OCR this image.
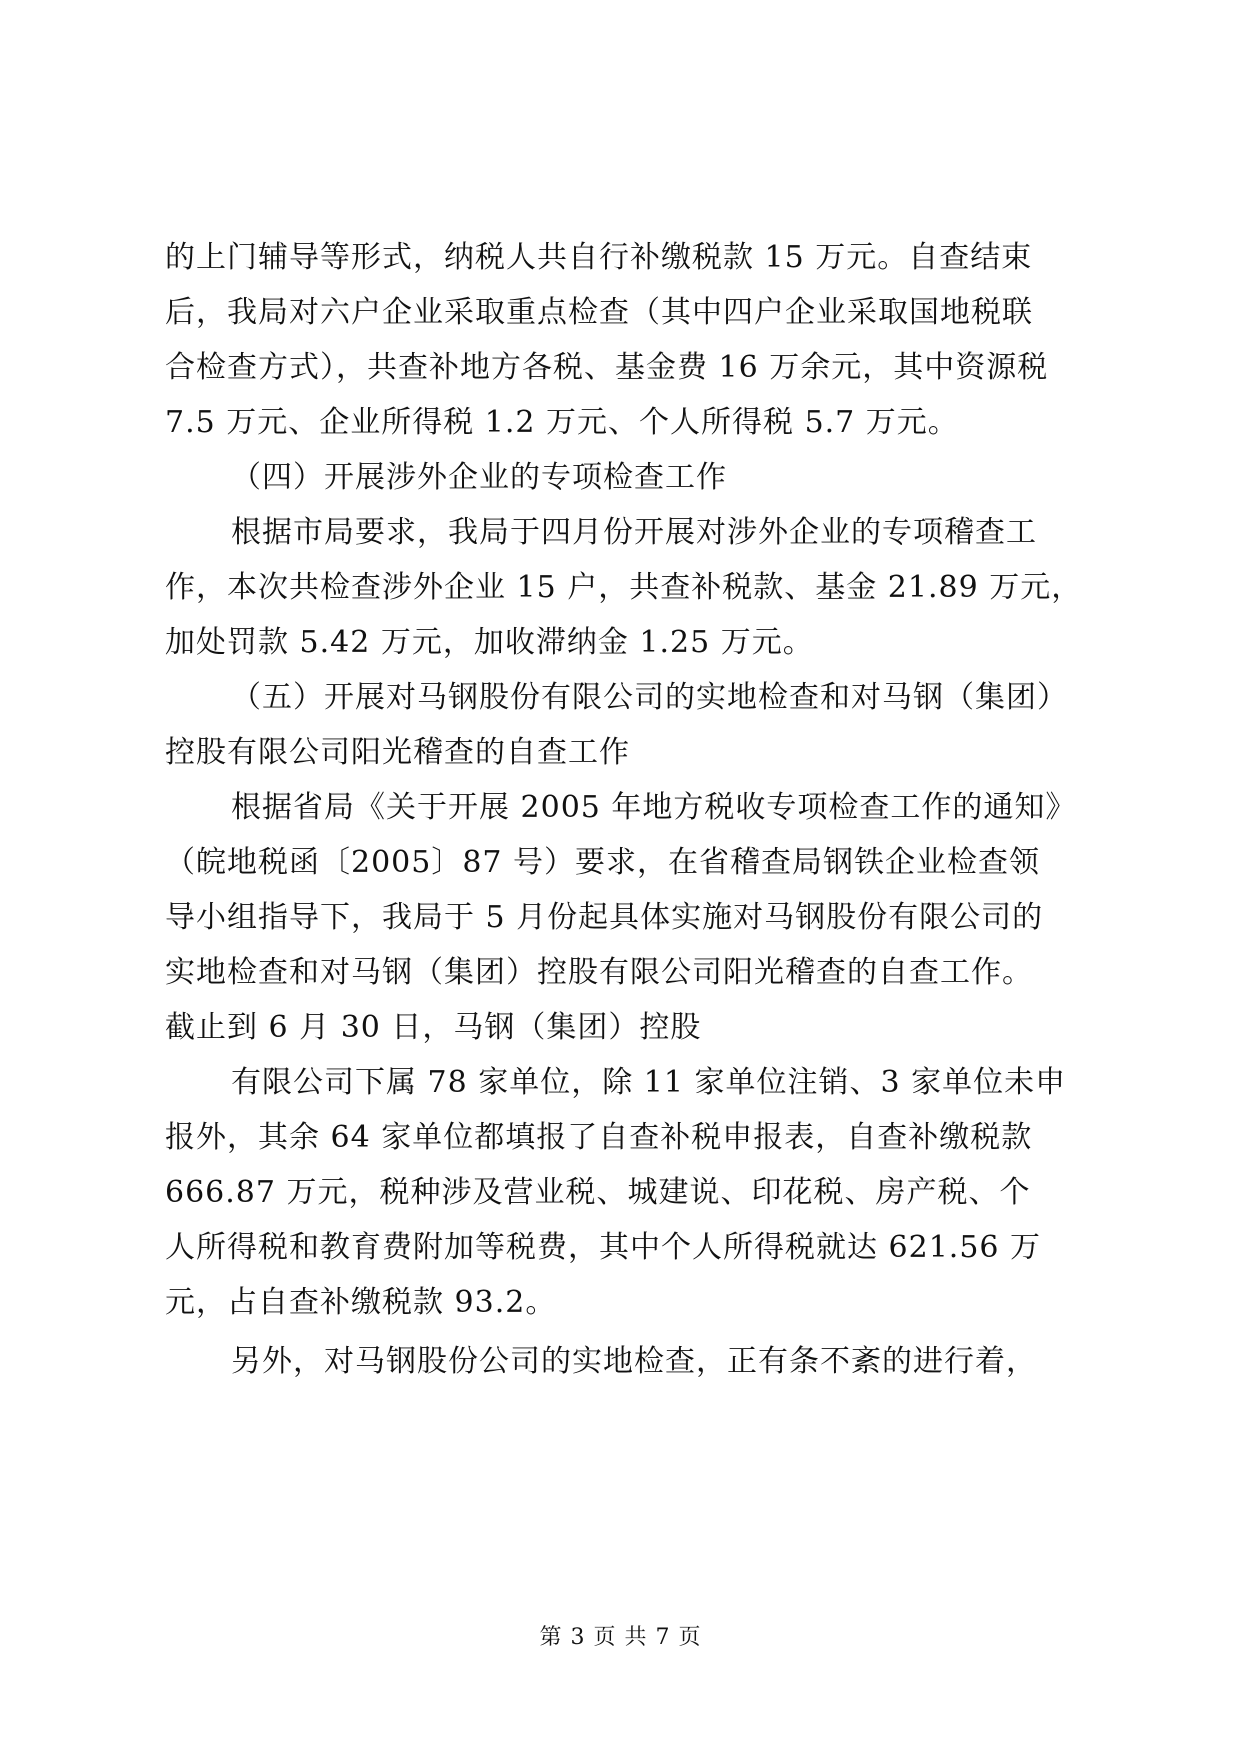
的上门辅导等形式，纳税人共自行补缴税款 15 万元。自查结束
后，我局对六户企业采取重点检查（其中四户企业采取国地税联
合检查方式），共查补地方各税、基金费 16 万余元，其中资源税
7.5 万元、企业所得税 1.2 万元、个人所得税 5.7 万元。
（四）开展涉外企业的专项检查工作
根据市局要求，我局于四月份开展对涉外企业的专项稽查工
作，本次共检查涉外企业 15 户，共查补税款、基金 21.89 万元，
加处罚款 5.42 万元，加收滞纳金 1.25 万元。
（五）开展对马钢股份有限公司的实地检查和对马钢（集团）
控股有限公司阳光稽查的自查工作
根据省局《关于开展 2005 年地方税收专项检查工作的通知》
（皖地税函〔2005〕87 号）要求，在省稽查局钢铁企业检查领
导小组指导下，我局于 5 月份起具体实施对马钢股份有限公司的
实地检查和对马钢（集团）控股有限公司阳光稽查的自查工作。
截止到 6 月 30 日，马钢（集团）控股
有限公司下属 78 家单位，除 11 家单位注销、3 家单位未申
报外，其余 64 家单位都填报了自查补税申报表，自查补缴税款
666.87 万元，税种涉及营业税、城建说、印花税、房产税、个
人所得税和教育费附加等税费，其中个人所得税就达 621.56 万
元，占自查补缴税款 93.2。
另外，对马钢股份公司的实地检查，正有条不紊的进行着，
第 3 页 共 7 页
